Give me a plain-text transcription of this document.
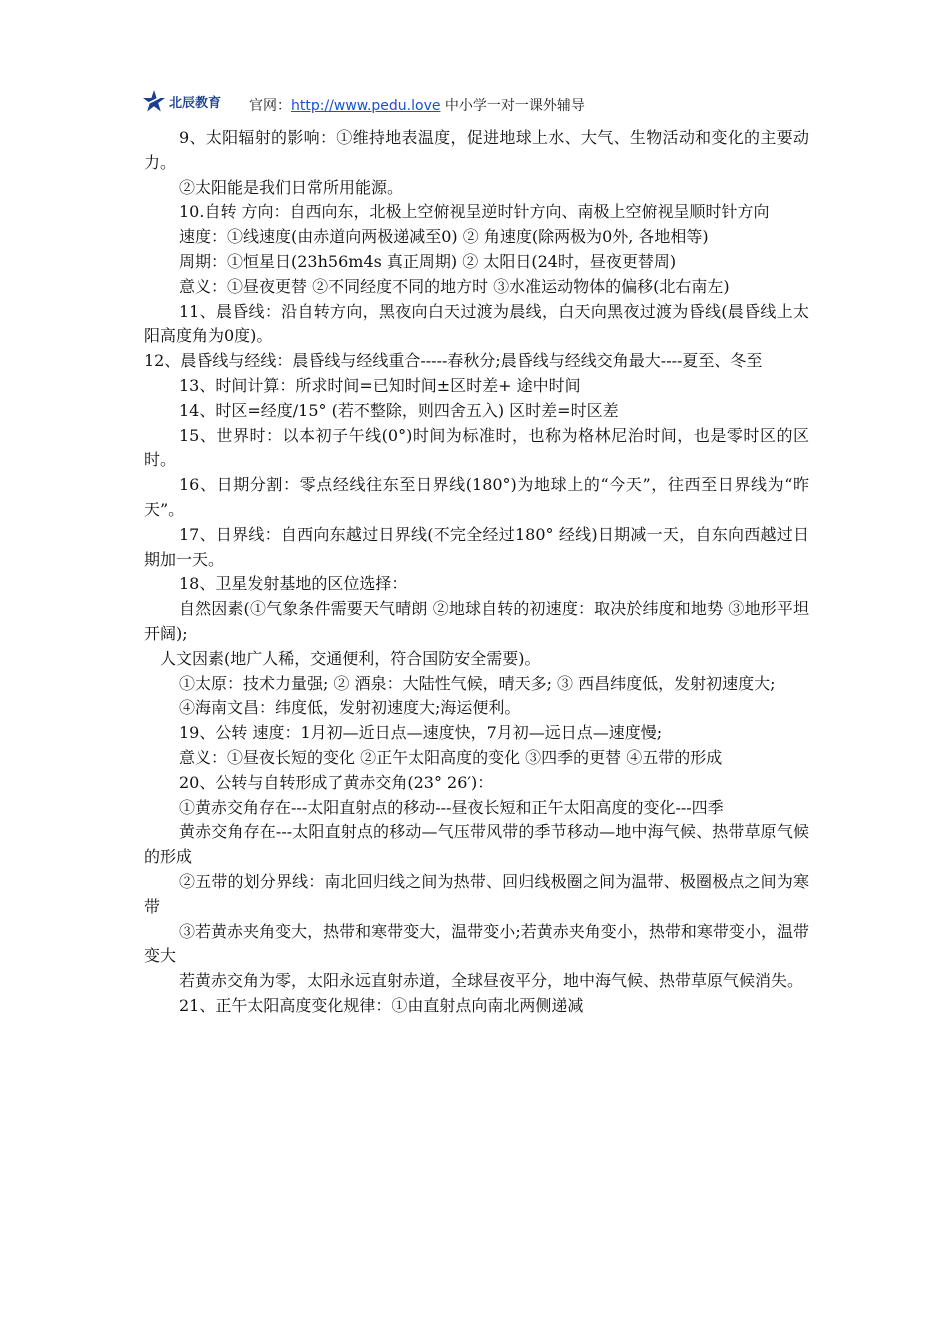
北辰教育 官网：http://www.pedu.love 中小学一对一课外辅导

9、太阳辐射的影响：①维持地表温度，促进地球上水、大气、生物活动和变化的主要动力。

②太阳能是我们日常所用能源。

10.自转 方向：自西向东，北极上空俯视呈逆时针方向、南极上空俯视呈顺时针方向

速度：①线速度(由赤道向两极递减至0) ② 角速度(除两极为0外, 各地相等)

周期：①恒星日(23h56m4s 真正周期) ② 太阳日(24时，昼夜更替周)

意义：①昼夜更替 ②不同经度不同的地方时 ③水准运动物体的偏移(北右南左)

11、晨昏线：沿自转方向，黑夜向白天过渡为晨线，白天向黑夜过渡为昏线(晨昏线上太阳高度角为0度)。

12、晨昏线与经线：晨昏线与经线重合-----春秋分;晨昏线与经线交角最大----夏至、冬至

13、时间计算：所求时间=已知时间±区时差+ 途中时间

14、时区=经度/15° (若不整除，则四舍五入) 区时差=时区差

15、世界时：以本初子午线(0°)时间为标准时，也称为格林尼治时间，也是零时区的区时。

16、日期分割：零点经线往东至日界线(180°)为地球上的“今天”，往西至日界线为“昨天”。

17、日界线：自西向东越过日界线(不完全经过180° 经线)日期减一天，自东向西越过日期加一天。

18、卫星发射基地的区位选择：

自然因素(①气象条件需要天气晴朗 ②地球自转的初速度：取决於纬度和地势 ③地形平坦开阔);

人文因素(地广人稀，交通便利，符合国防安全需要)。

①太原：技术力量强; ② 酒泉：大陆性气候，晴天多; ③ 西昌纬度低，发射初速度大;

④海南文昌：纬度低，发射初速度大;海运便利。

19、公转 速度：1月初—近日点—速度快，7月初—远日点—速度慢;

意义：①昼夜长短的变化 ②正午太阳高度的变化 ③四季的更替 ④五带的形成

20、公转与自转形成了黄赤交角(23° 26′)：

①黄赤交角存在---太阳直射点的移动---昼夜长短和正午太阳高度的变化---四季

黄赤交角存在---太阳直射点的移动—气压带风带的季节移动—地中海气候、热带草原气候的形成

②五带的划分界线：南北回归线之间为热带、回归线极圈之间为温带、极圈极点之间为寒带

③若黄赤夹角变大，热带和寒带变大，温带变小;若黄赤夹角变小，热带和寒带变小，温带变大

若黄赤交角为零，太阳永远直射赤道，全球昼夜平分，地中海气候、热带草原气候消失。

21、正午太阳高度变化规律：①由直射点向南北两侧递减
